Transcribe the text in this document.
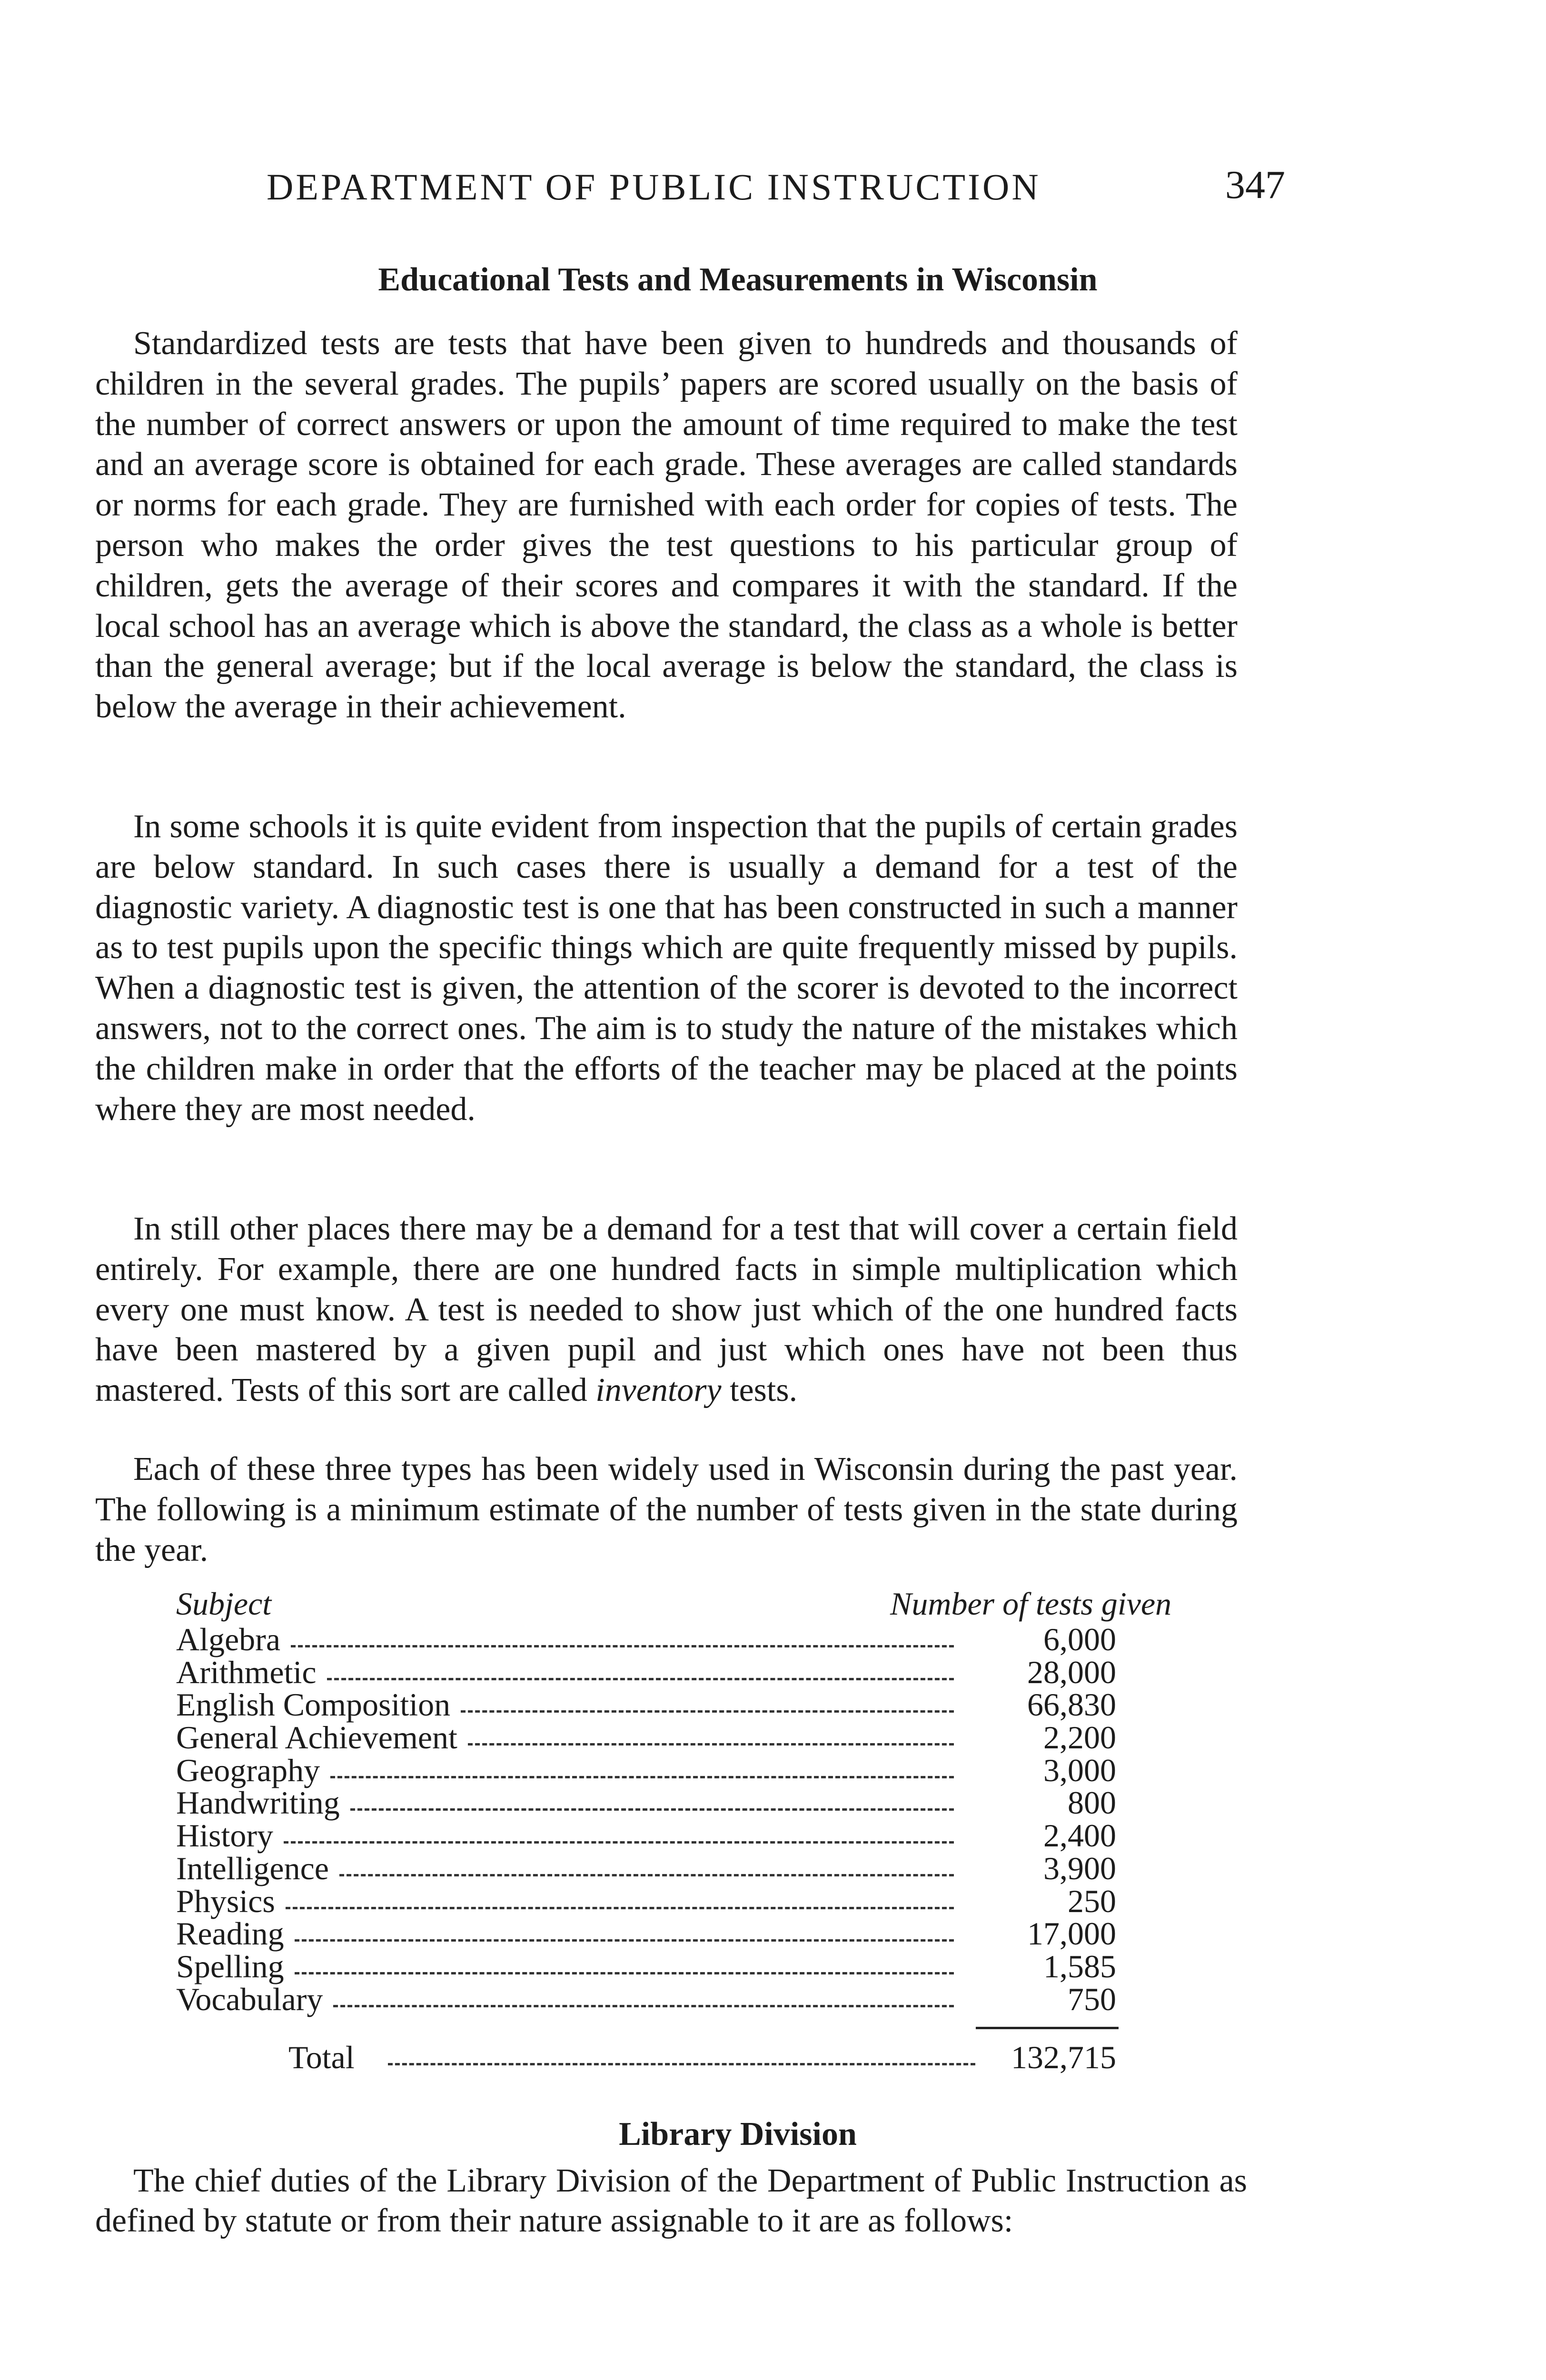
DEPARTMENT OF PUBLIC INSTRUCTION	347
Educational Tests and Measurements in Wisconsin

Standardized tests are tests that have been given to hundreds and thousands of children in the several grades. The pupils’ papers are scored usually on the basis of the number of correct answers or upon the amount of time required to make the test and an average score is obtained for each grade. These averages are called standards or norms for each grade. They are furnished with each order for copies of tests. The person who makes the order gives the test questions to his particular group of children, gets the average of their scores and compares it with the standard. If the local school has an average which is above the standard, the class as a whole is better than the general average; but if the local average is below the standard, the class is below the average in their achievement.

In some schools it is quite evident from inspection that the pupils of certain grades are below standard. In such cases there is usually a demand for a test of the diagnostic variety. A diagnostic test is one that has been constructed in such a manner as to test pupils upon the specific things which are quite frequently missed by pupils. When a diagnostic test is given, the attention of the scorer is devoted to the incorrect answers, not to the correct ones. The aim is to study the nature of the mistakes which the children make in order that the efforts of the teacher may be placed at the points where they are most needed.

In still other places there may be a demand for a test that will cover a certain field entirely. For example, there are one hundred facts in simple multiplication which every one must know. A test is needed to show just which of the one hundred facts have been mastered by a given pupil and just which ones have not been thus mastered. Tests of this sort are called inventory tests.

Each of these three types has been widely used in Wisconsin during the past year. The following is a minimum estimate of the number of tests given in the state during the year.

Subject	Number of tests given
Algebra	6,000
Arithmetic	28,000
English Composition	66,830
General Achievement	2,200
Geography	3,000
Handwriting	800
History	2,400
Intelligence	3,900
Physics	250
Reading	17,000
Spelling	1,585
Vocabulary	750
Total	132,715
Library Division

The chief duties of the Library Division of the Department of Public Instruction as defined by statute or from their nature assignable to it are as follows:
